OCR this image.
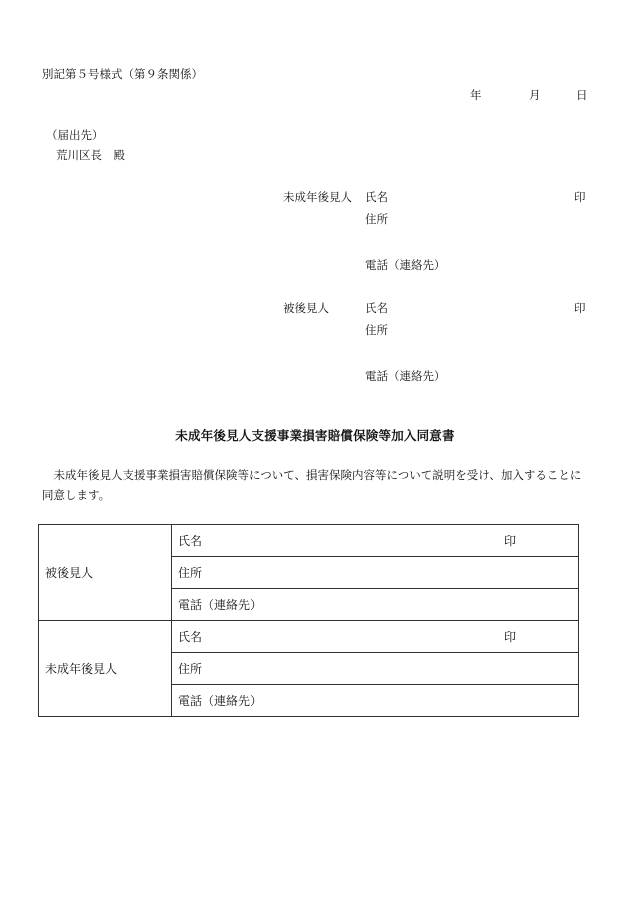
別記第５号様式（第９条関係）
年	月	日
（届出先）
荒川区長　殿
未成年後見人 氏名	印
住所
電話（連絡先）
被後見人	氏名	印
住所
電話（連絡先）
未成年後見人支援事業損害賠償保険等加入同意書
　未成年後見人支援事業損害賠償保険等について、損害保険内容等について説明を受け、加入することに同意します。
被後見人	氏名 印

	住所
	電話（連絡先）
未成年後見人	氏名 印

	住所
	電話（連絡先）
